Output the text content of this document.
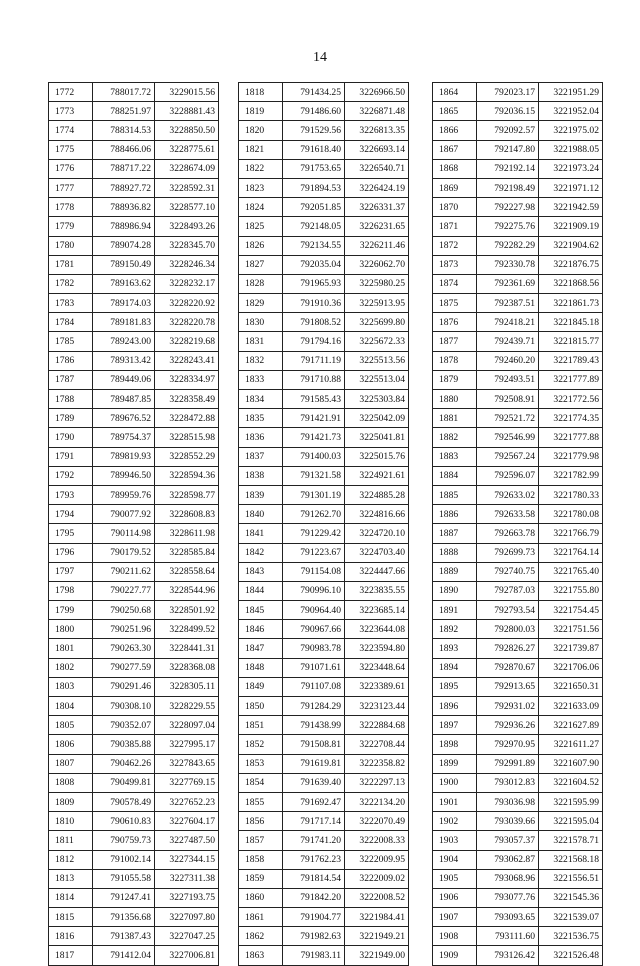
14
1772	788017.72	3229015.56
1773	788251.97	3228881.43
1774	788314.53	3228850.50
1775	788466.06	3228775.61
1776	788717.22	3228674.09
1777	788927.72	3228592.31
1778	788936.82	3228577.10
1779	788986.94	3228493.26
1780	789074.28	3228345.70
1781	789150.49	3228246.34
1782	789163.62	3228232.17
1783	789174.03	3228220.92
1784	789181.83	3228220.78
1785	789243.00	3228219.68
1786	789313.42	3228243.41
1787	789449.06	3228334.97
1788	789487.85	3228358.49
1789	789676.52	3228472.88
1790	789754.37	3228515.98
1791	789819.93	3228552.29
1792	789946.50	3228594.36
1793	789959.76	3228598.77
1794	790077.92	3228608.83
1795	790114.98	3228611.98
1796	790179.52	3228585.84
1797	790211.62	3228558.64
1798	790227.77	3228544.96
1799	790250.68	3228501.92
1800	790251.96	3228499.52
1801	790263.30	3228441.31
1802	790277.59	3228368.08
1803	790291.46	3228305.11
1804	790308.10	3228229.55
1805	790352.07	3228097.04
1806	790385.88	3227995.17
1807	790462.26	3227843.65
1808	790499.81	3227769.15
1809	790578.49	3227652.23
1810	790610.83	3227604.17
1811	790759.73	3227487.50
1812	791002.14	3227344.15
1813	791055.58	3227311.38
1814	791247.41	3227193.75
1815	791356.68	3227097.80
1816	791387.43	3227047.25
1817	791412.04	3227006.81
1818	791434.25	3226966.50
1819	791486.60	3226871.48
1820	791529.56	3226813.35
1821	791618.40	3226693.14
1822	791753.65	3226540.71
1823	791894.53	3226424.19
1824	792051.85	3226331.37
1825	792148.05	3226231.65
1826	792134.55	3226211.46
1827	792035.04	3226062.70
1828	791965.93	3225980.25
1829	791910.36	3225913.95
1830	791808.52	3225699.80
1831	791794.16	3225672.33
1832	791711.19	3225513.56
1833	791710.88	3225513.04
1834	791585.43	3225303.84
1835	791421.91	3225042.09
1836	791421.73	3225041.81
1837	791400.03	3225015.76
1838	791321.58	3224921.61
1839	791301.19	3224885.28
1840	791262.70	3224816.66
1841	791229.42	3224720.10
1842	791223.67	3224703.40
1843	791154.08	3224447.66
1844	790996.10	3223835.55
1845	790964.40	3223685.14
1846	790967.66	3223644.08
1847	790983.78	3223594.80
1848	791071.61	3223448.64
1849	791107.08	3223389.61
1850	791284.29	3223123.44
1851	791438.99	3222884.68
1852	791508.81	3222708.44
1853	791619.81	3222358.82
1854	791639.40	3222297.13
1855	791692.47	3222134.20
1856	791717.14	3222070.49
1857	791741.20	3222008.33
1858	791762.23	3222009.95
1859	791814.54	3222009.02
1860	791842.20	3222008.52
1861	791904.77	3221984.41
1862	791982.63	3221949.21
1863	791983.11	3221949.00
1864	792023.17	3221951.29
1865	792036.15	3221952.04
1866	792092.57	3221975.02
1867	792147.80	3221988.05
1868	792192.14	3221973.24
1869	792198.49	3221971.12
1870	792227.98	3221942.59
1871	792275.76	3221909.19
1872	792282.29	3221904.62
1873	792330.78	3221876.75
1874	792361.69	3221868.56
1875	792387.51	3221861.73
1876	792418.21	3221845.18
1877	792439.71	3221815.77
1878	792460.20	3221789.43
1879	792493.51	3221777.89
1880	792508.91	3221772.56
1881	792521.72	3221774.35
1882	792546.99	3221777.88
1883	792567.24	3221779.98
1884	792596.07	3221782.99
1885	792633.02	3221780.33
1886	792633.58	3221780.08
1887	792663.78	3221766.79
1888	792699.73	3221764.14
1889	792740.75	3221765.40
1890	792787.03	3221755.80
1891	792793.54	3221754.45
1892	792800.03	3221751.56
1893	792826.27	3221739.87
1894	792870.67	3221706.06
1895	792913.65	3221650.31
1896	792931.02	3221633.09
1897	792936.26	3221627.89
1898	792970.95	3221611.27
1899	792991.89	3221607.90
1900	793012.83	3221604.52
1901	793036.98	3221595.99
1902	793039.66	3221595.04
1903	793057.37	3221578.71
1904	793062.87	3221568.18
1905	793068.96	3221556.51
1906	793077.76	3221545.36
1907	793093.65	3221539.07
1908	793111.60	3221536.75
1909	793126.42	3221526.48
